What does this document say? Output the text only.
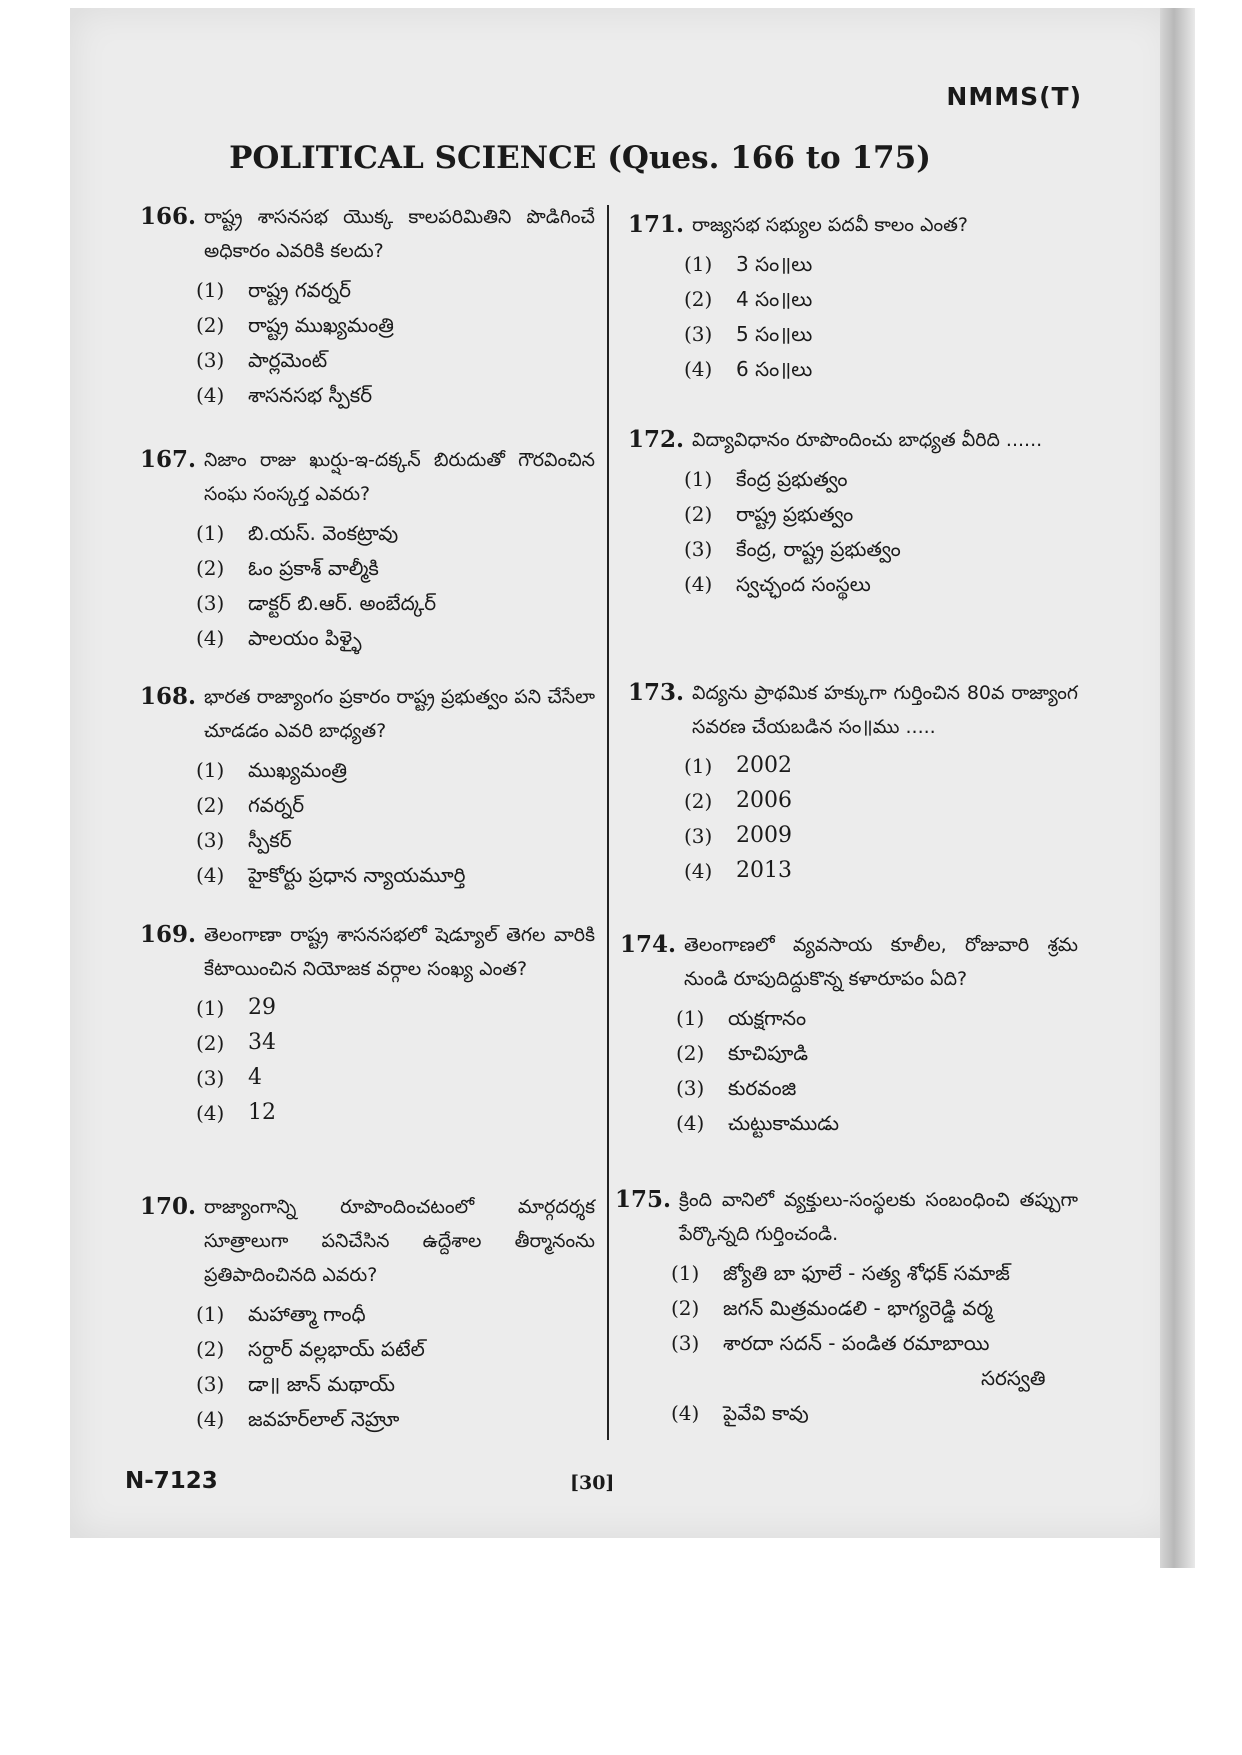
NMMS(T)
POLITICAL SCIENCE (Ques. 166 to 175)
166. రాష్ట్ర శాసనసభ యొక్క కాలపరిమితిని పొడిగించే అధికారం ఎవరికి కలదు?
(1)	రాష్ట్ర గవర్నర్
(2)	రాష్ట్ర ముఖ్యమంత్రి
(3)	పార్లమెంట్
(4)	శాసనసభ స్పీకర్
167. నిజాం రాజు ఖుర్షు-ఇ-దక్కన్ బిరుదుతో గౌరవించిన సంఘ సంస్కర్త ఎవరు?
(1)	బి.యస్. వెంకట్రావు
(2)	ఓం ప్రకాశ్ వాల్మీకి
(3)	డాక్టర్ బి.ఆర్. అంబేద్కర్
(4)	పాలయం పిళ్ళై
168. భారత రాజ్యాంగం ప్రకారం రాష్ట్ర ప్రభుత్వం పని చేసేలా చూడడం ఎవరి బాధ్యత?
(1)	ముఖ్యమంత్రి
(2)	గవర్నర్
(3)	స్పీకర్
(4)	హైకోర్టు ప్రధాన న్యాయమూర్తి
169. తెలంగాణా రాష్ట్ర శాసనసభలో షెడ్యూల్ తెగల వారికి కేటాయించిన నియోజక వర్గాల సంఖ్య ఎంత?
(1)	29
(2)	34
(3)	4
(4)	12
170. రాజ్యాంగాన్ని రూపొందించటంలో మార్గదర్శక సూత్రాలుగా పనిచేసిన ఉద్దేశాల తీర్మానంను ప్రతిపాదించినది ఎవరు?
(1)	మహాత్మా గాంధీ
(2)	సర్దార్ వల్లభాయ్ పటేల్
(3)	డా॥ జాన్ మథాయ్
(4)	జవహర్‌లాల్ నెహ్రూ
171. రాజ్యసభ సభ్యుల పదవీ కాలం ఎంత?
(1)	3 సం॥లు
(2)	4 సం॥లు
(3)	5 సం॥లు
(4)	6 సం॥లు
172. విద్యావిధానం రూపొందించు బాధ్యత వీరిది ......
(1)	కేంద్ర ప్రభుత్వం
(2)	రాష్ట్ర ప్రభుత్వం
(3)	కేంద్ర, రాష్ట్ర ప్రభుత్వం
(4)	స్వచ్ఛంద సంస్థలు
173. విద్యను ప్రాథమిక హక్కుగా గుర్తించిన 80వ రాజ్యాంగ సవరణ చేయబడిన సం॥ము .....
(1)	2002
(2)	2006
(3)	2009
(4)	2013
174. తెలంగాణలో వ్యవసాయ కూలీల, రోజువారి శ్రమ నుండి రూపుదిద్దుకొన్న కళారూపం ఏది?
(1)	యక్షగానం
(2)	కూచిపూడి
(3)	కురవంజి
(4)	చుట్టుకాముడు
175. క్రింది వానిలో వ్యక్తులు-సంస్థలకు సంబంధించి తప్పుగా పేర్కొన్నది గుర్తించండి.
(1)	జ్యోతి బా ఫూలే - సత్య శోధక్ సమాజ్
(2)	జగన్ మిత్రమండలి - భాగ్యరెడ్డి వర్మ
(3)	శారదా సదన్ - పండిత రమాబాయి
సరస్వతి
(4)	పైవేవి కావు
N-7123	[30]
